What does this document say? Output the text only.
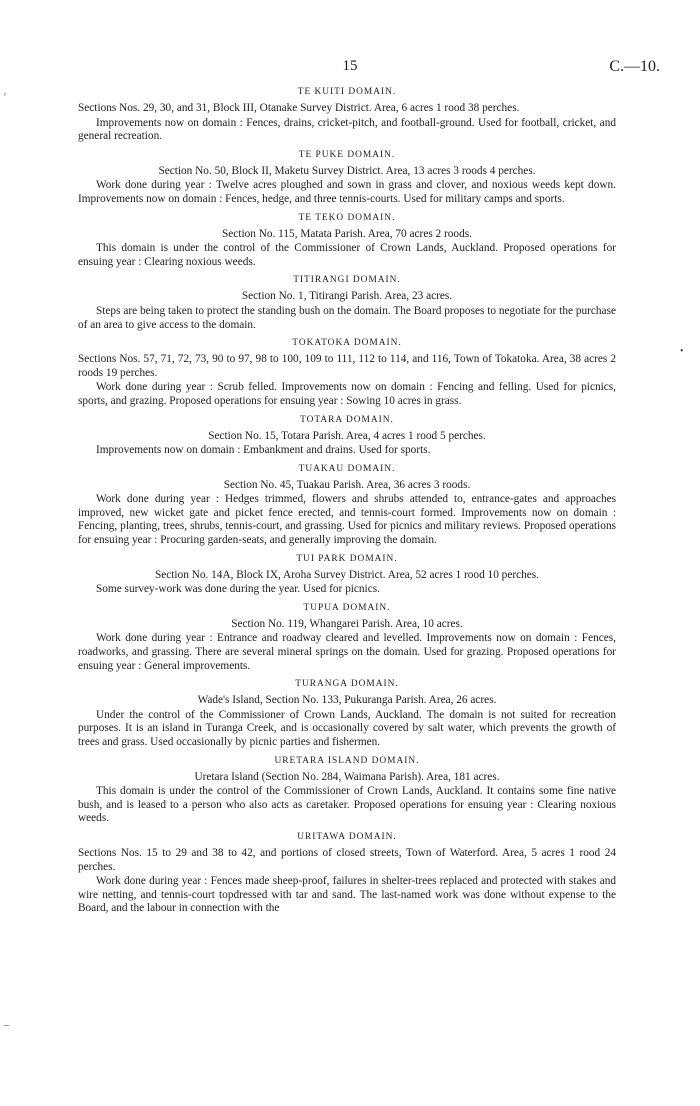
15	C.—10.
TE KUITI DOMAIN.

Sections Nos. 29, 30, and 31, Block III, Otanake Survey District. Area, 6 acres 1 rood 38 perches.

Improvements now on domain : Fences, drains, cricket-pitch, and football-ground. Used for football, cricket, and general recreation.

TE PUKE DOMAIN.

Section No. 50, Block II, Maketu Survey District. Area, 13 acres 3 roods 4 perches.

Work done during year : Twelve acres ploughed and sown in grass and clover, and noxious weeds kept down. Improvements now on domain : Fences, hedge, and three tennis-courts. Used for military camps and sports.

TE TEKO DOMAIN.

Section No. 115, Matata Parish. Area, 70 acres 2 roods.

This domain is under the control of the Commissioner of Crown Lands, Auckland. Proposed operations for ensuing year : Clearing noxious weeds.

TITIRANGI DOMAIN.

Section No. 1, Titirangi Parish. Area, 23 acres.

Steps are being taken to protect the standing bush on the domain. The Board proposes to negotiate for the purchase of an area to give access to the domain.

TOKATOKA DOMAIN.

Sections Nos. 57, 71, 72, 73, 90 to 97, 98 to 100, 109 to 111, 112 to 114, and 116, Town of Tokatoka. Area, 38 acres 2 roods 19 perches.

Work done during year : Scrub felled. Improvements now on domain : Fencing and felling. Used for picnics, sports, and grazing. Proposed operations for ensuing year : Sowing 10 acres in grass.

TOTARA DOMAIN.

Section No. 15, Totara Parish. Area, 4 acres 1 rood 5 perches.

Improvements now on domain : Embankment and drains. Used for sports.

TUAKAU DOMAIN.

Section No. 45, Tuakau Parish. Area, 36 acres 3 roods.

Work done during year : Hedges trimmed, flowers and shrubs attended to, entrance-gates and approaches improved, new wicket gate and picket fence erected, and tennis-court formed. Improvements now on domain : Fencing, planting, trees, shrubs, tennis-court, and grassing. Used for picnics and military reviews. Proposed operations for ensuing year : Procuring garden-seats, and generally improving the domain.

TUI PARK DOMAIN.

Section No. 14A, Block IX, Aroha Survey District. Area, 52 acres 1 rood 10 perches.

Some survey-work was done during the year. Used for picnics.

TUPUA DOMAIN.

Section No. 119, Whangarei Parish. Area, 10 acres.

Work done during year : Entrance and roadway cleared and levelled. Improvements now on domain : Fences, roadworks, and grassing. There are several mineral springs on the domain. Used for grazing. Proposed operations for ensuing year : General improvements.

TURANGA DOMAIN.

Wade's Island, Section No. 133, Pukuranga Parish. Area, 26 acres.

Under the control of the Commissioner of Crown Lands, Auckland. The domain is not suited for recreation purposes. It is an island in Turanga Creek, and is occasionally covered by salt water, which prevents the growth of trees and grass. Used occasionally by picnic parties and fishermen.

URETARA ISLAND DOMAIN.

Uretara Island (Section No. 284, Waimana Parish). Area, 181 acres.

This domain is under the control of the Commissioner of Crown Lands, Auckland. It contains some fine native bush, and is leased to a person who also acts as caretaker. Proposed operations for ensuing year : Clearing noxious weeds.

URITAWA DOMAIN.

Sections Nos. 15 to 29 and 38 to 42, and portions of closed streets, Town of Waterford. Area, 5 acres 1 rood 24 perches.

Work done during year : Fences made sheep-proof, failures in shelter-trees replaced and protected with stakes and wire netting, and tennis-court topdressed with tar and sand. The last-named work was done without expense to the Board, and the labour in connection with the

′
•
–
